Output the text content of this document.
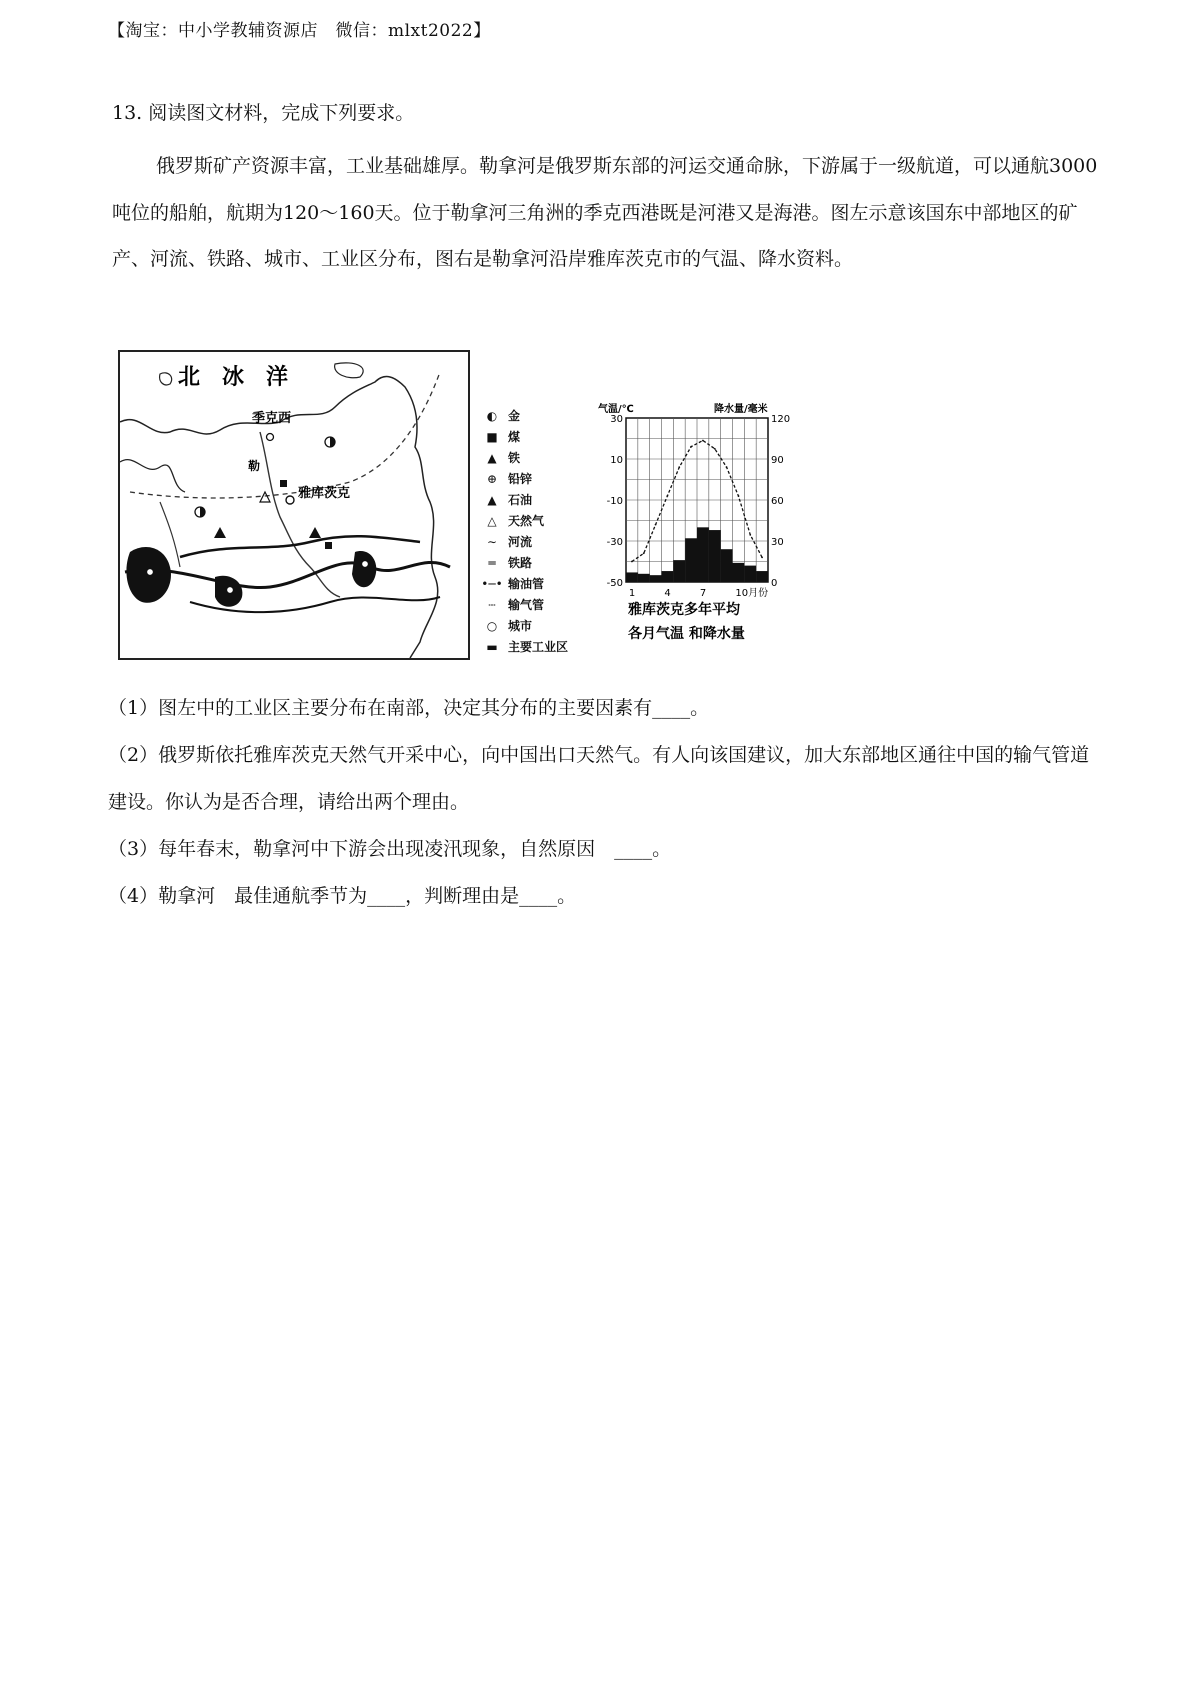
【淘宝：中小学教辅资源店　微信：mlxt2022】
13. 阅读图文材料，完成下列要求。
俄罗斯矿产资源丰富，工业基础雄厚。勒拿河是俄罗斯东部的河运交通命脉，下游属于一级航道，可以通航3000吨位的船舶，航期为120～160天。位于勒拿河三角洲的季克西港既是河港又是海港。图左示意该国东中部地区的矿产、河流、铁路、城市、工业区分布，图右是勒拿河沿岸雅库茨克市的气温、降水资料。
北　冰　洋
季克西
勒
雅库茨克
◐ 金
■ 煤
▲ 铁
⊕ 铅锌
▲ 石油
△ 天然气
∼ 河流
═	铁路
•─• 输油管
┄	输气管
○ 城市
▬ 主要工业区
气温/℃	降水量/毫米
30
10
-10
-30
-50
120
90
60
30
0
1	4	7	10月份
雅库茨克多年平均
各月气温 和降水量
（1）图左中的工业区主要分布在南部，决定其分布的主要因素有____。
（2）俄罗斯依托雅库茨克天然气开采中心，向中国出口天然气。有人向该国建议，加大东部地区通往中国的输气管道建设。你认为是否合理，请给出两个理由。
（3）每年春末，勒拿河中下游会出现凌汛现象，自然原因　____。
（4）勒拿河　最佳通航季节为____，判断理由是____。
